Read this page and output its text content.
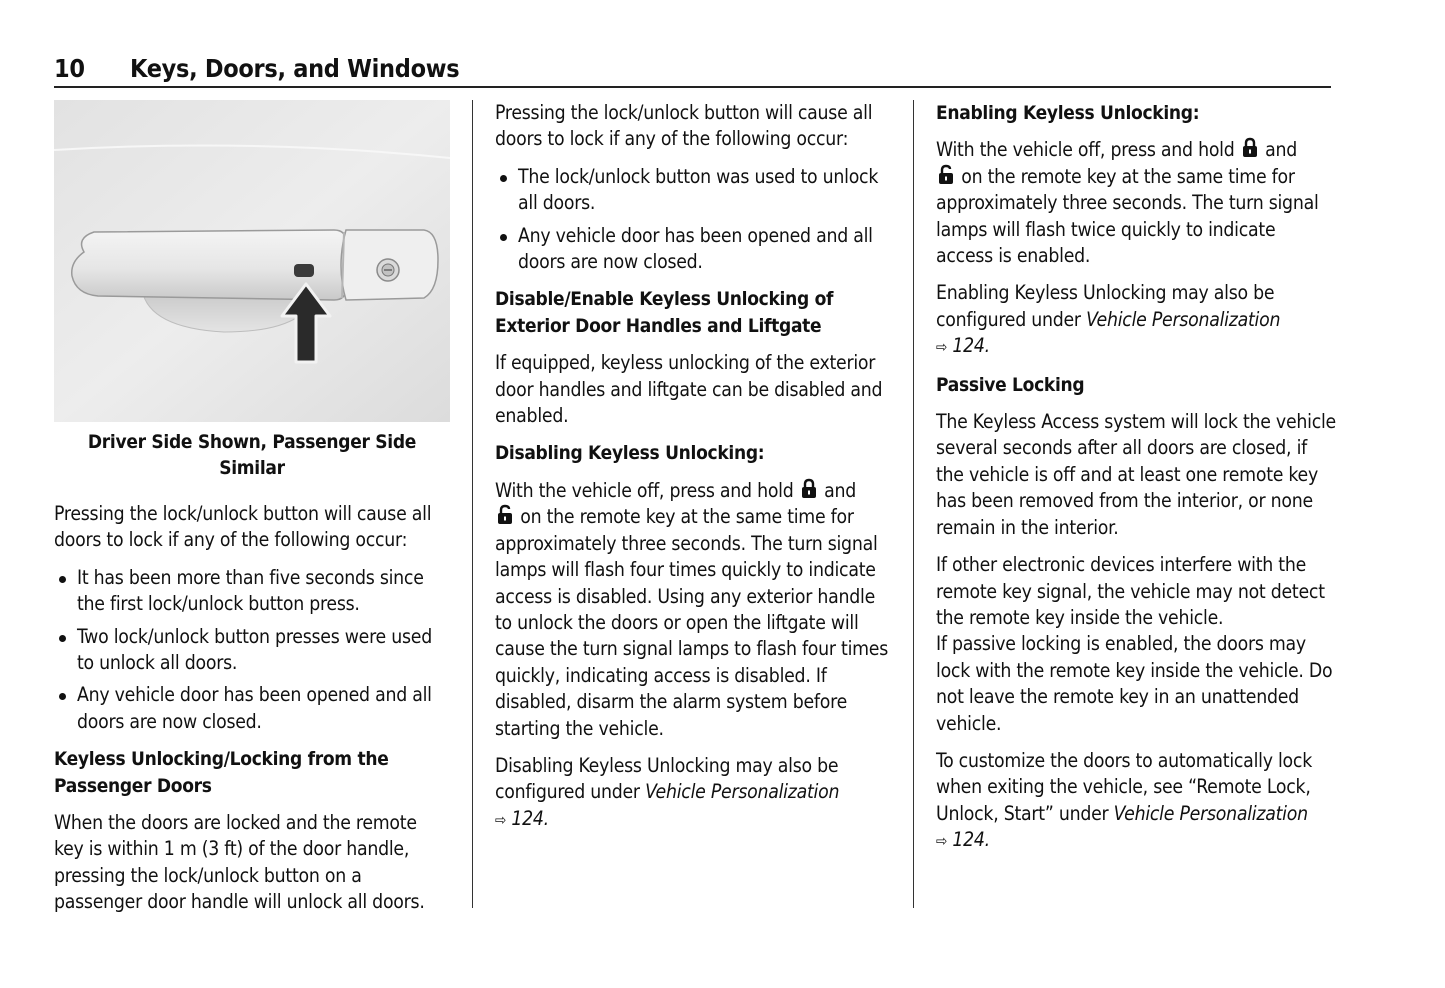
10 Keys, Doors, and Windows
Driver Side Shown, Passenger Side Similar

Pressing the lock/unlock button will cause all doors to lock if any of the following occur:

It has been more than five seconds since the first lock/unlock button press.
Two lock/unlock button presses were used to unlock all doors.
Any vehicle door has been opened and all doors are now closed.

Keyless Unlocking/Locking from the Passenger Doors

When the doors are locked and the remote key is within 1 m (3 ft) of the door handle, pressing the lock/unlock button on a passenger door handle will unlock all doors.

Pressing the lock/unlock button will cause all doors to lock if any of the following occur:

The lock/unlock button was used to unlock all doors.
Any vehicle door has been opened and all doors are now closed.

Disable/Enable Keyless Unlocking of Exterior Door Handles and Liftgate

If equipped, keyless unlocking of the exterior door handles and liftgate can be disabled and enabled.

Disabling Keyless Unlocking:

With the vehicle off, press and hold and
on the remote key at the same time for approximately three seconds. The turn signal lamps will flash four times quickly to indicate access is disabled. Using any exterior handle to unlock the doors or open the liftgate will cause the turn signal lamps to flash four times quickly, indicating access is disabled. If disabled, disarm the alarm system before starting the vehicle.

Disabling Keyless Unlocking may also be configured under Vehicle Personalization
⇨ 124.

Enabling Keyless Unlocking:

With the vehicle off, press and hold and
on the remote key at the same time for approximately three seconds. The turn signal lamps will flash twice quickly to indicate access is enabled.

Enabling Keyless Unlocking may also be configured under Vehicle Personalization
⇨ 124.

Passive Locking

The Keyless Access system will lock the vehicle several seconds after all doors are closed, if the vehicle is off and at least one remote key has been removed from the interior, or none remain in the interior.

If other electronic devices interfere with the remote key signal, the vehicle may not detect the remote key inside the vehicle.

If passive locking is enabled, the doors may lock with the remote key inside the vehicle. Do not leave the remote key in an unattended vehicle.

To customize the doors to automatically lock when exiting the vehicle, see “Remote Lock, Unlock, Start” under Vehicle Personalization
⇨ 124.
